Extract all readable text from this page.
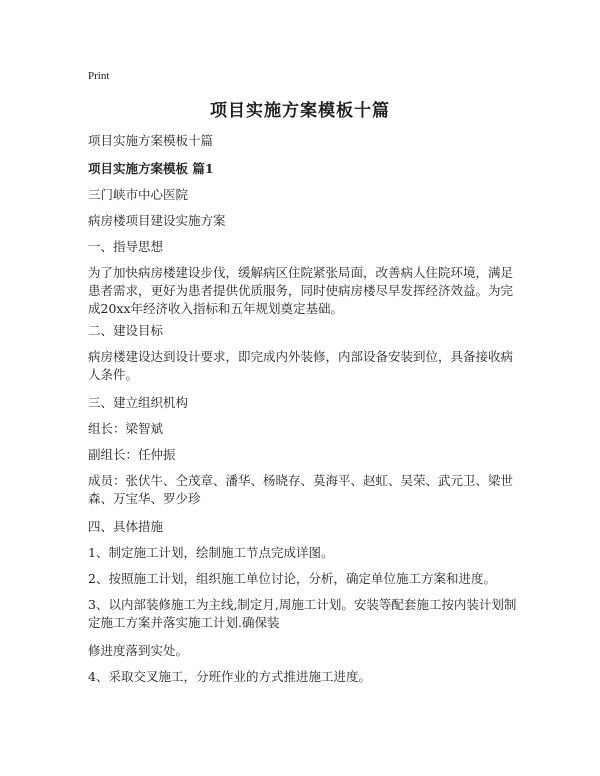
Print
项目实施方案模板十篇
项目实施方案模板十篇
项目实施方案模板 篇1
三门峡市中心医院
病房楼项目建设实施方案
一、指导思想
为了加快病房楼建设步伐，缓解病区住院紧张局面，改善病人住院环境，满足患者需求，更好为患者提供优质服务，同时使病房楼尽早发挥经济效益。为完成20xx年经济收入指标和五年规划奠定基础。
二、建设目标
病房楼建设达到设计要求，即完成内外装修，内部设备安装到位，具备接收病人条件。
三、建立组织机构
组长：梁智斌
副组长：任仲振
成员：张伏牛、仝茂章、潘华、杨晓存、莫海平、赵虹、吴荣、武元卫、梁世森、万宝华、罗少珍
四、具体措施
1、制定施工计划，绘制施工节点完成详图。
2、按照施工计划，组织施工单位讨论，分析，确定单位施工方案和进度。
3、以内部装修施工为主线,制定月,周施工计划。安装等配套施工按内装计划制定施工方案并落实施工计划.确保装
修进度落到实处。
4、采取交叉施工，分班作业的方式推进施工进度。
